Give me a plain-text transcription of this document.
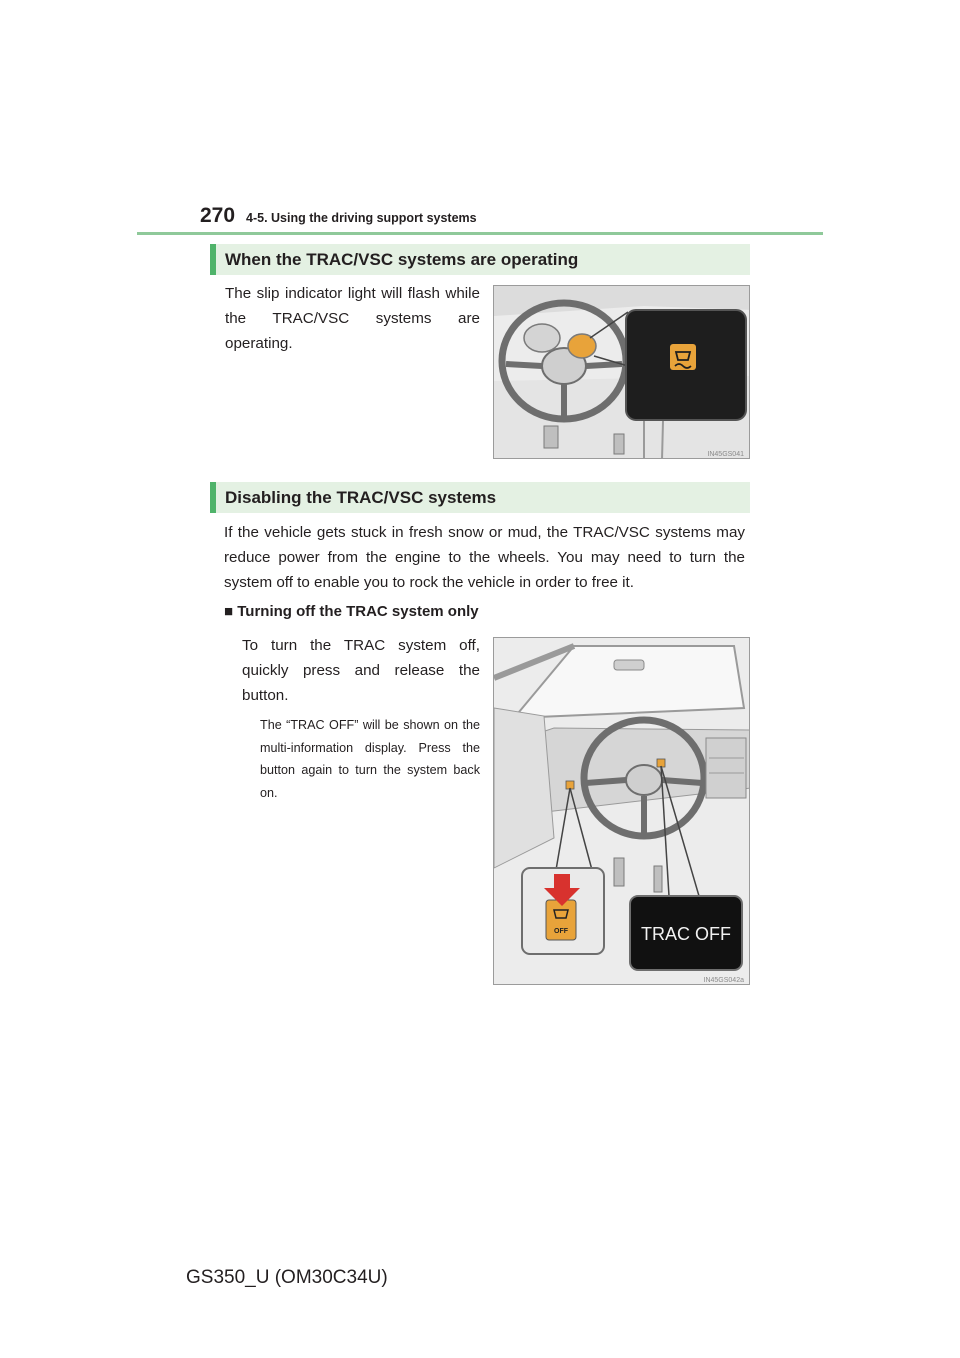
270 4-5. Using the driving support systems
When the TRAC/VSC systems are operating
The slip indicator light will flash while the TRAC/VSC systems are operating.
IN45GS041
Disabling the TRAC/VSC systems
If the vehicle gets stuck in fresh snow or mud, the TRAC/VSC systems may reduce power from the engine to the wheels. You may need to turn the system off to enable you to rock the vehicle in order to free it.
■ Turning off the TRAC system only
To turn the TRAC system off, quickly press and release the button.
The “TRAC OFF” will be shown on the multi-information display. Press the button again to turn the system back on.
OFF	TRAC OFF
IN45GS042a
GS350_U (OM30C34U)
